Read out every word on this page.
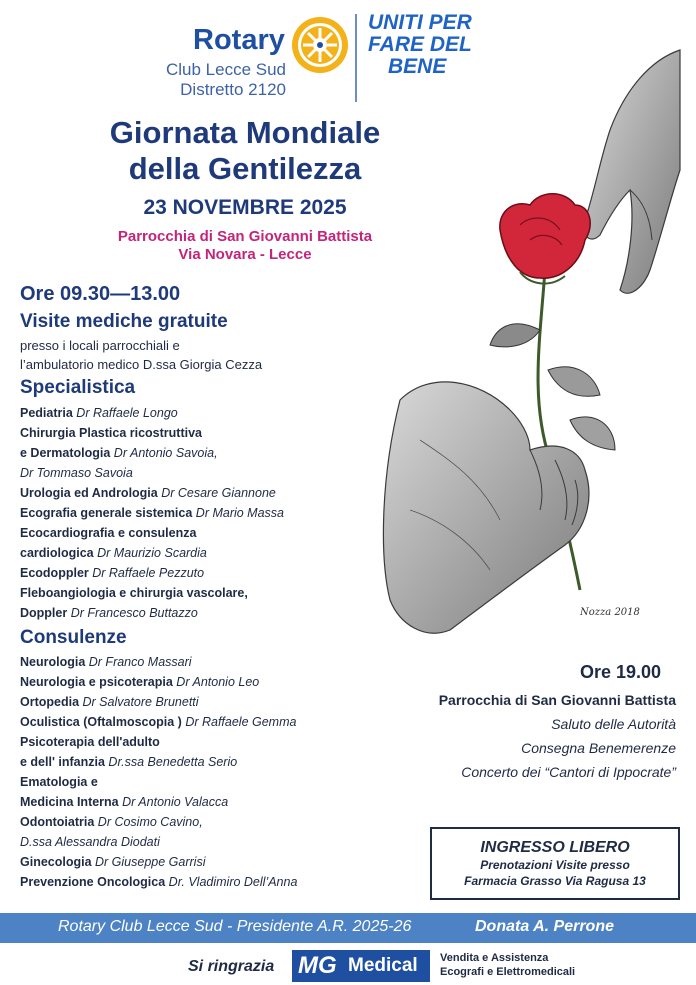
Rotary
Club Lecce Sud
Distretto 2120
UNITI PER
FARE DEL
BENE
Giornata Mondiale
della Gentilezza
23 NOVEMBRE 2025
Parrocchia di San Giovanni Battista
Via Novara - Lecce
Nozza 2018
Ore 09.30—13.00
Visite mediche gratuite
presso i locali parrocchiali e
l’ambulatorio medico D.ssa Giorgia Cezza
Specialistica
Pediatria Dr Raffaele Longo
Chirurgia Plastica ricostruttiva
e Dermatologia Dr Antonio Savoia,
Dr Tommaso Savoia
Urologia ed Andrologia Dr Cesare Giannone
Ecografia generale sistemica Dr Mario Massa
Ecocardiografia e consulenza
cardiologica Dr Maurizio Scardia
Ecodoppler Dr Raffaele Pezzuto
Fleboangiologia e chirurgia vascolare,
Doppler Dr Francesco Buttazzo
Consulenze
Neurologia Dr Franco Massari
Neurologia e psicoterapia Dr Antonio Leo
Ortopedia Dr Salvatore Brunetti
Oculistica (Oftalmoscopia ) Dr Raffaele Gemma
Psicoterapia dell'adulto
e dell' infanzia Dr.ssa Benedetta Serio
Ematologia e
Medicina Interna Dr Antonio Valacca
Odontoiatria Dr Cosimo Cavino,
D.ssa Alessandra Diodati
Ginecologia Dr Giuseppe Garrisi
Prevenzione Oncologica Dr. Vladimiro Dell’Anna
Ore 19.00
Parrocchia di San Giovanni Battista
Saluto delle Autorità
Consegna Benemerenze
Concerto dei “Cantori di Ippocrate”
INGRESSO LIBERO
Prenotazioni Visite presso
Farmacia Grasso Via Ragusa 13
Rotary Club Lecce Sud - Presidente A.R. 2025-26	Donata A. Perrone
Si ringrazia MG Medical Vendita e Assistenza
Ecografi e Elettromedicali
